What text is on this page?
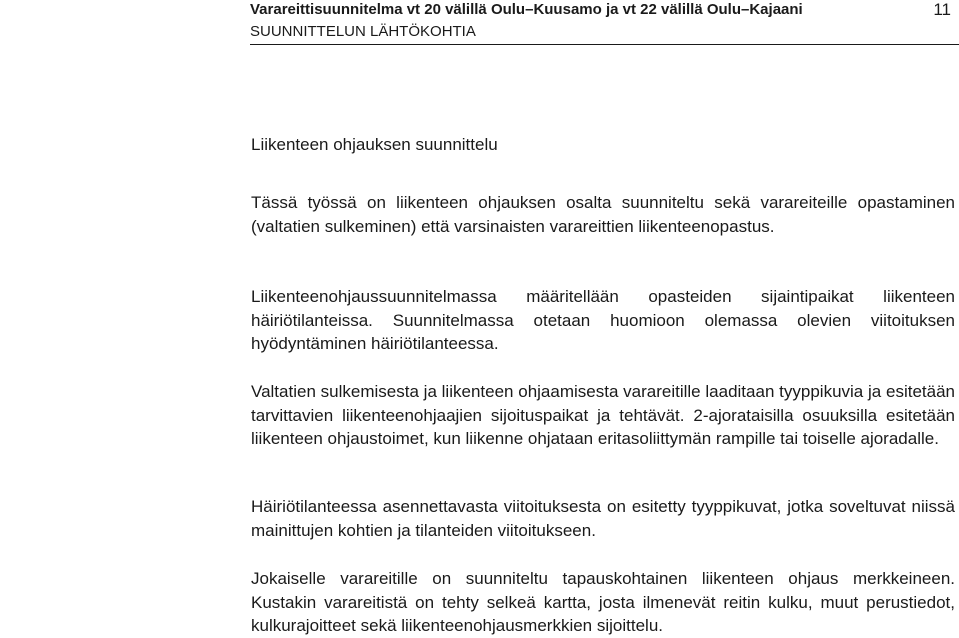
Varareittisuunnitelma vt 20 välillä Oulu–Kuusamo ja vt 22 välillä Oulu–Kajaani
SUUNNITTELUN LÄHTÖKOHTIA
11
Liikenteen ohjauksen suunnittelu

Tässä työssä on liikenteen ohjauksen osalta suunniteltu sekä varareiteille opastaminen (valtatien sulkeminen) että varsinaisten varareittien liikenteenopastus.

Liikenteenohjaussuunnitelmassa määritellään opasteiden sijaintipaikat liikenteen häiriötilanteissa. Suunnitelmassa otetaan huomioon olemassa olevien viitoituksen hyödyntäminen häiriötilanteessa.

Valtatien sulkemisesta ja liikenteen ohjaamisesta varareitille laaditaan tyyppikuvia ja esitetään tarvittavien liikenteenohjaajien sijoituspaikat ja tehtävät. 2-ajorataisilla osuuksilla esitetään liikenteen ohjaustoimet, kun liikenne ohjataan eritasoliittymän rampille tai toiselle ajoradalle.

Häiriötilanteessa asennettavasta viitoituksesta on esitetty tyyppikuvat, jotka soveltuvat niissä mainittujen kohtien ja tilanteiden viitoitukseen.

Jokaiselle varareitille on suunniteltu tapauskohtainen liikenteen ohjaus merkkeineen. Kustakin varareitistä on tehty selkeä kartta, josta ilmenevät reitin kulku, muut perustiedot, kulkurajoitteet sekä liikenteenohjausmerkkien sijoittelu.
